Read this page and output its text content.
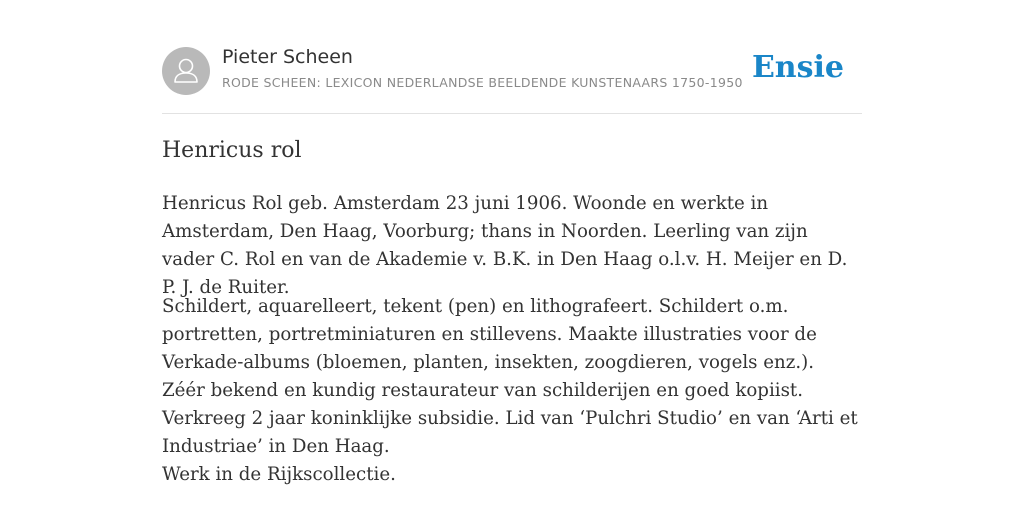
Pieter Scheen
RODE SCHEEN: LEXICON NEDERLANDSE BEELDENDE KUNSTENAARS 1750-1950 Ensie
Henricus rol

Henricus Rol geb. Amsterdam 23 juni 1906. Woonde en werkte in Amsterdam, Den Haag, Voorburg; thans in Noorden. Leerling van zijn vader C. Rol en van de Akademie v. B.K. in Den Haag o.l.v. H. Meijer en D. P. J. de Ruiter.

Schildert, aquarelleert, tekent (pen) en lithografeert. Schildert o.m. portretten, portretminiaturen en stillevens. Maakte illustraties voor de Verkade-albums (bloemen, planten, insekten, zoogdieren, vogels enz.). Zéér bekend en kundig restaurateur van schilderijen en goed kopiist. Verkreeg 2 jaar koninklijke subsidie. Lid van ‘Pulchri Studio’ en van ‘Arti et Industriae’ in Den Haag.

Werk in de Rijkscollectie.
